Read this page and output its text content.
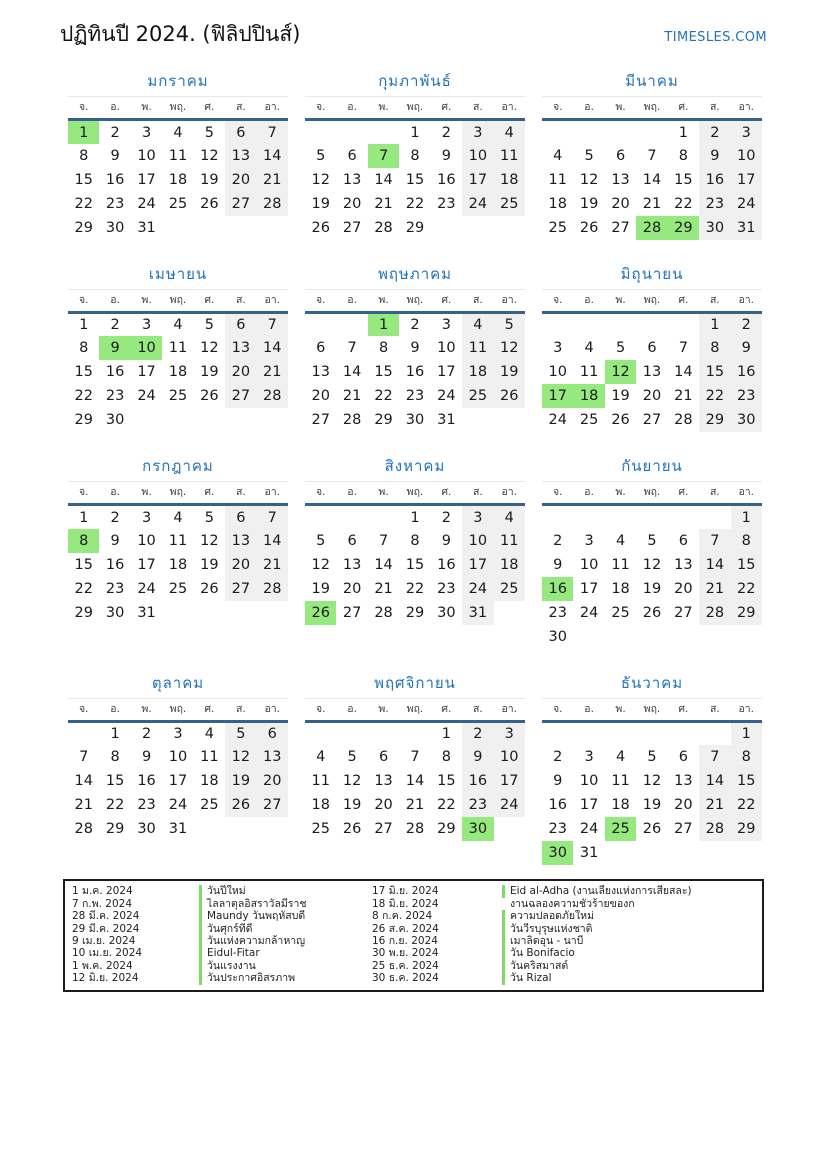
ปฏิทินปี 2024. (ฟิลิปปินส์)	TIMESLES.COM
มกราคม
จ.	อ.	พ.	พฤ.	ศ.	ส.	อา.
1	2	3	4	5	6	7
8	9	10	11	12	13	14
15	16	17	18	19	20	21
22	23	24	25	26	27	28
29	30	31				
กุมภาพันธ์
จ.	อ.	พ.	พฤ.	ศ.	ส.	อา.
			1	2	3	4
5	6	7	8	9	10	11
12	13	14	15	16	17	18
19	20	21	22	23	24	25
26	27	28	29			
มีนาคม
จ.	อ.	พ.	พฤ.	ศ.	ส.	อา.
				1	2	3
4	5	6	7	8	9	10
11	12	13	14	15	16	17
18	19	20	21	22	23	24
25	26	27	28	29	30	31
เมษายน
จ.	อ.	พ.	พฤ.	ศ.	ส.	อา.
1	2	3	4	5	6	7
8	9	10	11	12	13	14
15	16	17	18	19	20	21
22	23	24	25	26	27	28
29	30					
พฤษภาคม
จ.	อ.	พ.	พฤ.	ศ.	ส.	อา.
		1	2	3	4	5
6	7	8	9	10	11	12
13	14	15	16	17	18	19
20	21	22	23	24	25	26
27	28	29	30	31		
มิถุนายน
จ.	อ.	พ.	พฤ.	ศ.	ส.	อา.
					1	2
3	4	5	6	7	8	9
10	11	12	13	14	15	16
17	18	19	20	21	22	23
24	25	26	27	28	29	30
กรกฎาคม
จ.	อ.	พ.	พฤ.	ศ.	ส.	อา.
1	2	3	4	5	6	7
8	9	10	11	12	13	14
15	16	17	18	19	20	21
22	23	24	25	26	27	28
29	30	31				
สิงหาคม
จ.	อ.	พ.	พฤ.	ศ.	ส.	อา.
			1	2	3	4
5	6	7	8	9	10	11
12	13	14	15	16	17	18
19	20	21	22	23	24	25
26	27	28	29	30	31	
กันยายน
จ.	อ.	พ.	พฤ.	ศ.	ส.	อา.
						1
2	3	4	5	6	7	8
9	10	11	12	13	14	15
16	17	18	19	20	21	22
23	24	25	26	27	28	29
30						
ตุลาคม
จ.	อ.	พ.	พฤ.	ศ.	ส.	อา.
	1	2	3	4	5	6
7	8	9	10	11	12	13
14	15	16	17	18	19	20
21	22	23	24	25	26	27
28	29	30	31			
พฤศจิกายน
จ.	อ.	พ.	พฤ.	ศ.	ส.	อา.
				1	2	3
4	5	6	7	8	9	10
11	12	13	14	15	16	17
18	19	20	21	22	23	24
25	26	27	28	29	30	
ธันวาคม
จ.	อ.	พ.	พฤ.	ศ.	ส.	อา.
						1
2	3	4	5	6	7	8
9	10	11	12	13	14	15
16	17	18	19	20	21	22
23	24	25	26	27	28	29
30	31					
1 ม.ค. 2024	วันปีใหม่	17 มิ.ย. 2024	Eid al-Adha (งานเลี้ยงแห่งการเสียสละ)
7 ก.พ. 2024	ไลลาตุลอิสราวัลมีราช	18 มิ.ย. 2024	งานฉลองความชั่วร้ายของก
28 มี.ค. 2024	Maundy วันพฤหัสบดี	8 ก.ค. 2024	ความปลอดภัยใหม่
29 มี.ค. 2024	วันศุกร์ที่ดี	26 ส.ค. 2024	วันวีรบุรุษแห่งชาติ
9 เม.ย. 2024	วันแห่งความกล้าหาญ	16 ก.ย. 2024	เมาลิดอุน - นาบี
10 เม.ย. 2024	Eidul-Fitar	30 พ.ย. 2024	วัน Bonifacio
1 พ.ค. 2024	วันแรงงาน	25 ธ.ค. 2024	วันคริสมาสต์
12 มิ.ย. 2024	วันประกาศอิสรภาพ	30 ธ.ค. 2024	วัน Rizal
